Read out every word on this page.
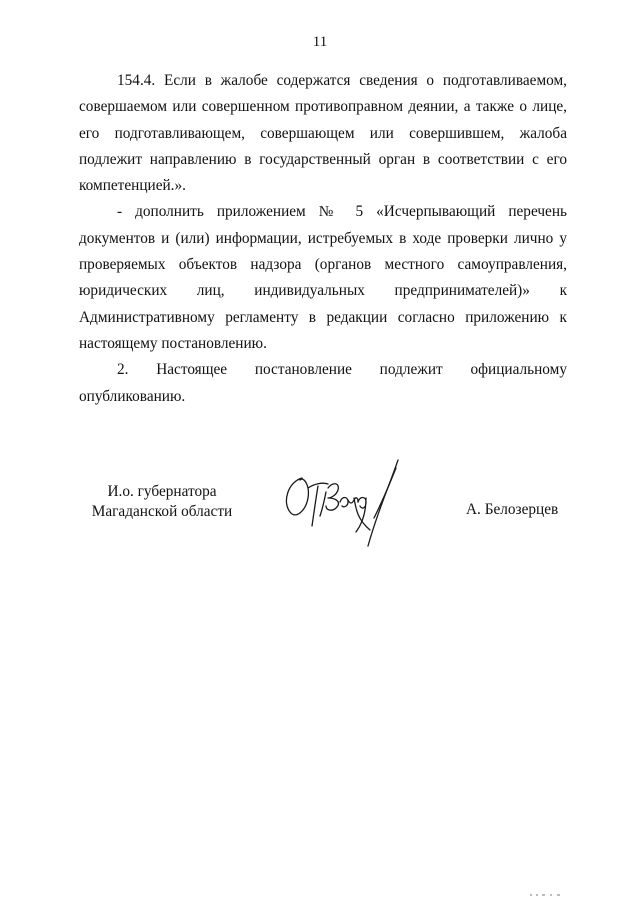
11

154.4. Если в жалобе содержатся сведения о подготавливаемом, совершаемом или совершенном противоправном деянии, а также о лице, его подготавливающем, совершающем или совершившем, жалоба подлежит направлению в государственный орган в соответствии с его компетенцией.».

- дополнить приложением № 5 «Исчерпывающий перечень документов и (или) информации, истребуемых в ходе проверки лично у проверяемых объектов надзора (органов местного самоуправления, юридических лиц, индивидуальных предпринимателей)» к Административному регламенту в редакции согласно приложению к настоящему постановлению.

2. Настоящее постановление подлежит официальному опубликованию.

И.о. губернатора
Магаданской области	А. Белозерцев
